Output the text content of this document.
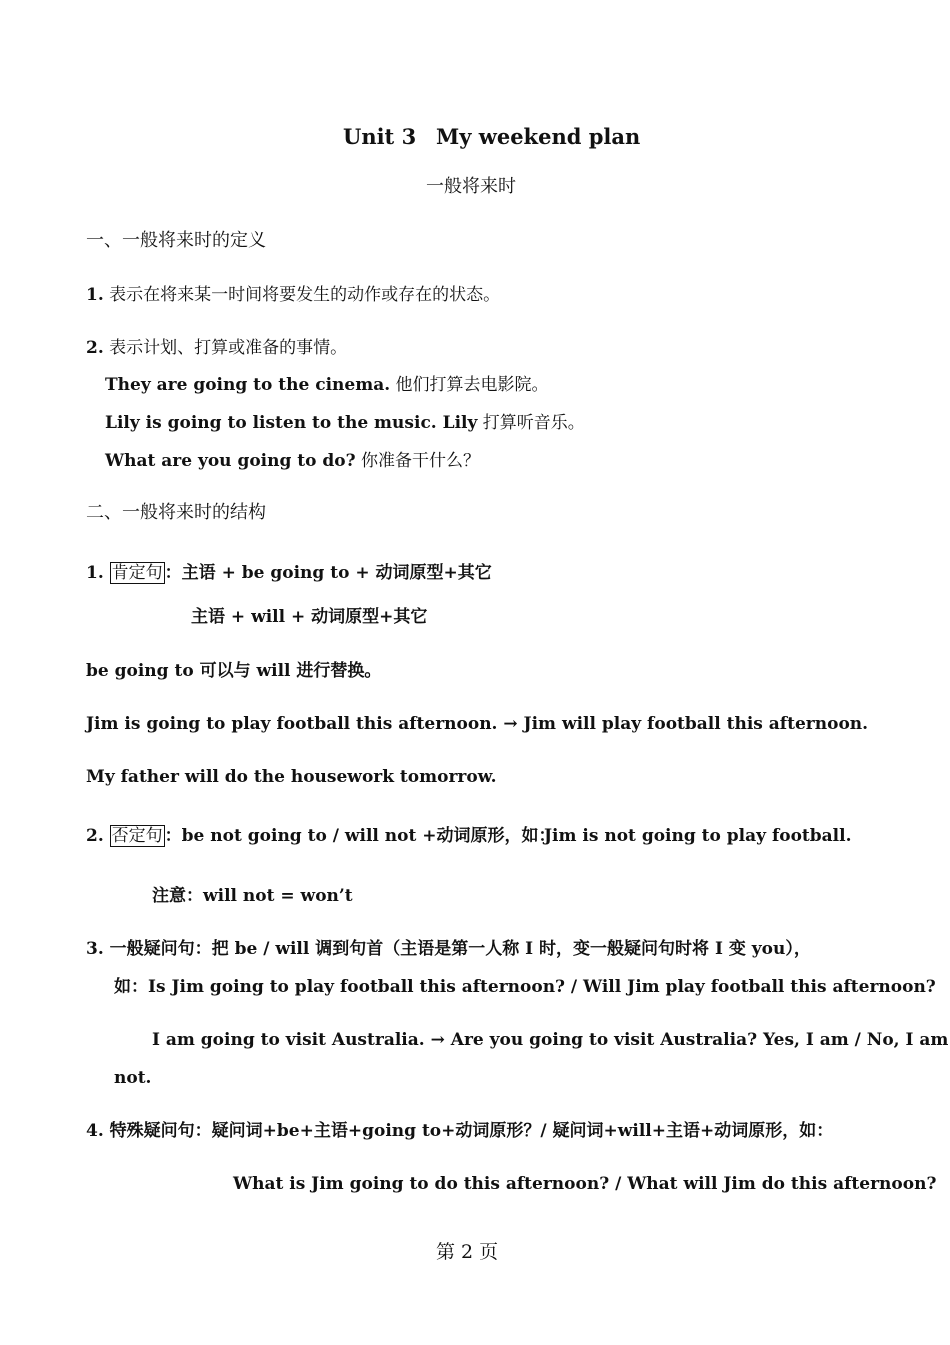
Unit 3 My weekend plan
一般将来时
一、一般将来时的定义
1. 表示在将来某一时间将要发生的动作或存在的状态。
2. 表示计划、打算或准备的事情。
They are going to the cinema. 他们打算去电影院。
Lily is going to listen to the music. Lily 打算听音乐。
What are you going to do? 你准备干什么？
二、一般将来时的结构
1. 肯定句 ：主语 + be going to + 动词原型+其它
主语 + will + 动词原型+其它
be going to 可以与 will 进行替换。
Jim is going to play football this afternoon. → Jim will play football this afternoon.
My father will do the housework tomorrow.
2. 否定句 ：be not going to / will not +动词原形，如：
Jim is not going to play football.
注意：will not = won’t
3. 一般疑问句：把 be / will 调到句首（主语是第一人称 I 时，变一般疑问句时将 I 变 you），
如：Is Jim going to play football this afternoon? / Will Jim play football this afternoon?
I am going to visit Australia. → Are you going to visit Australia? Yes, I am / No, I am
not.
4. 特殊疑问句：疑问词+be+主语+going to+动词原形？/ 疑问词+will+主语+动词原形，如：
What is Jim going to do this afternoon? / What will Jim do this afternoon?
第 2 页
